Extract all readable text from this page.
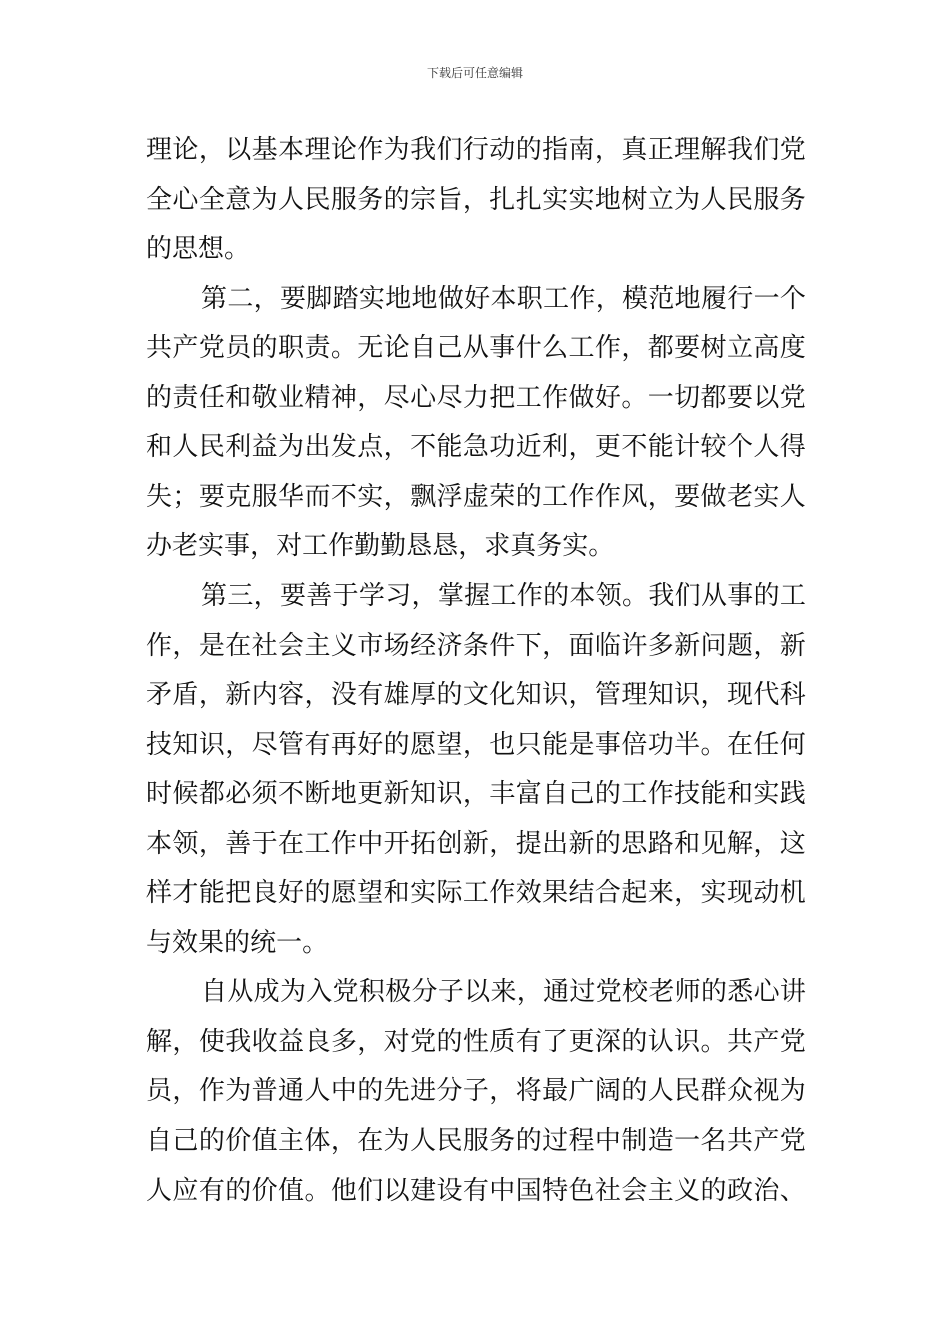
下载后可任意编辑
理 论 ， 以 基 本 理 论 作 为 我 们 行 动 的 指 南 ， 真 正 理 解 我 们 党
全 心 全 意 为 人 民 服 务 的 宗 旨 ， 扎 扎 实 实 地 树 立 为 人 民 服 务
的 思 想 。
第 二 ， 要 脚 踏 实 地 地 做 好 本 职 工 作 ， 模 范 地 履 行 一 个
共 产 党 员 的 职 责 。 无 论 自 己 从 事 什 么 工 作 ， 都 要 树 立 高 度
的 责 任 和 敬 业 精 神 ， 尽 心 尽 力 把 工 作 做 好 。 一 切 都 要 以 党
和 人 民 利 益 为 出 发 点 ， 不 能 急 功 近 利 ， 更 不 能 计 较 个 人 得
失 ； 要 克 服 华 而 不 实 ， 飘 浮 虚 荣 的 工 作 作 风 ， 要 做 老 实 人
办 老 实 事 ， 对 工 作 勤 勤 恳 恳 ， 求 真 务 实 。
第 三 ， 要 善 于 学 习 ， 掌 握 工 作 的 本 领 。 我 们 从 事 的 工
作 ， 是 在 社 会 主 义 市 场 经 济 条 件 下 ， 面 临 许 多 新 问 题 ， 新
矛 盾 ， 新 内 容 ， 没 有 雄 厚 的 文 化 知 识 ， 管 理 知 识 ， 现 代 科
技 知 识 ， 尽 管 有 再 好 的 愿 望 ， 也 只 能 是 事 倍 功 半 。 在 任 何
时 候 都 必 须 不 断 地 更 新 知 识 ， 丰 富 自 己 的 工 作 技 能 和 实 践
本 领 ， 善 于 在 工 作 中 开 拓 创 新 ， 提 出 新 的 思 路 和 见 解 ， 这
样 才 能 把 良 好 的 愿 望 和 实 际 工 作 效 果 结 合 起 来 ， 实 现 动 机
与 效 果 的 统 一 。
自 从 成 为 入 党 积 极 分 子 以 来 ， 通 过 党 校 老 师 的 悉 心 讲
解 ， 使 我 收 益 良 多 ， 对 党 的 性 质 有 了 更 深 的 认 识 。 共 产 党
员 ， 作 为 普 通 人 中 的 先 进 分 子 ， 将 最 广 阔 的 人 民 群 众 视 为
自 己 的 价 值 主 体 ， 在 为 人 民 服 务 的 过 程 中 制 造 一 名 共 产 党
人 应 有 的 价 值 。 他 们 以 建 设 有 中 国 特 色 社 会 主 义 的 政 治 、
